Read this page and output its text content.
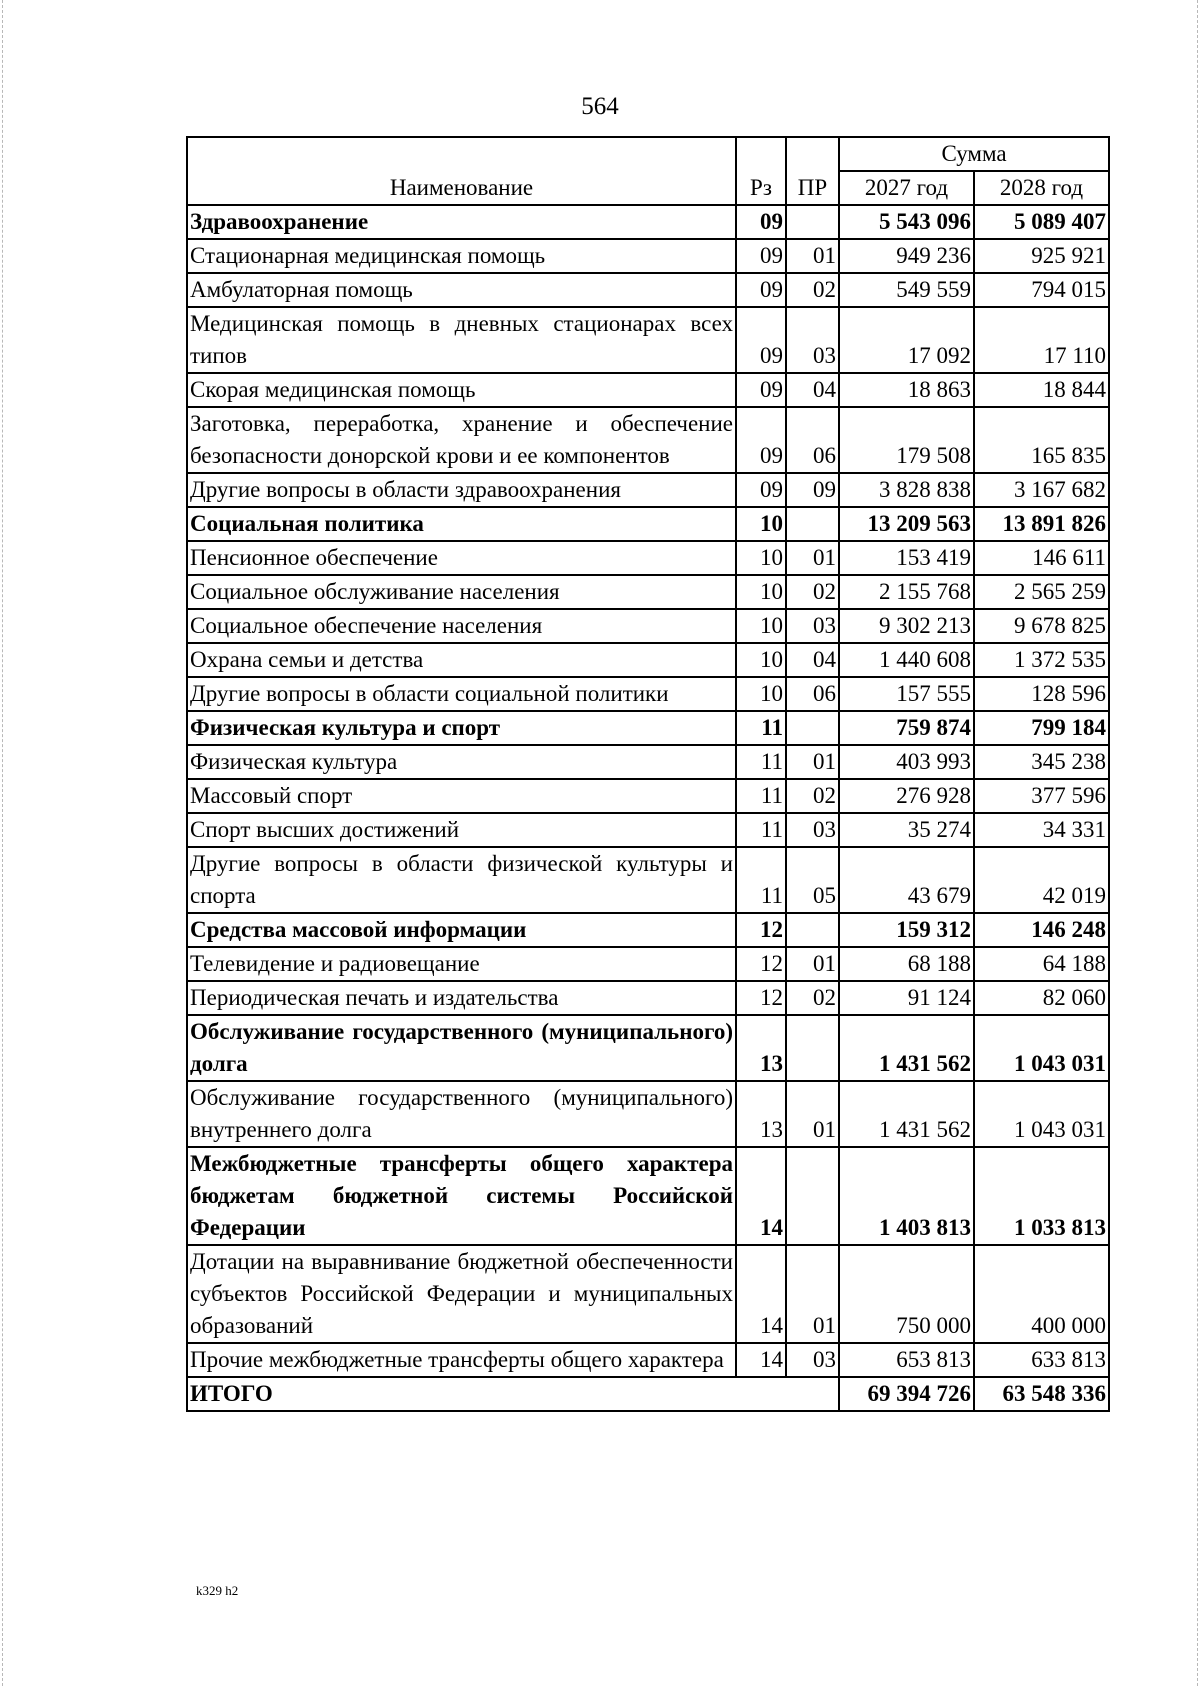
564
Наименование	Рз	ПР	Сумма	
			2027 год	2028 год
Здравоохранение	09		5 543 096	5 089 407
Стационарная медицинская помощь	09	01	949 236	925 921
Амбулаторная помощь	09	02	549 559	794 015
Медицинская помощь в дневных стационарах всех типов	09	03	17 092	17 110
Скорая медицинская помощь	09	04	18 863	18 844
Заготовка, переработка, хранение и обеспечение безопасности донорской крови и ее компонентов	09	06	179 508	165 835
Другие вопросы в области здравоохранения	09	09	3 828 838	3 167 682
Социальная политика	10		13 209 563	13 891 826
Пенсионное обеспечение	10	01	153 419	146 611
Социальное обслуживание населения	10	02	2 155 768	2 565 259
Социальное обеспечение населения	10	03	9 302 213	9 678 825
Охрана семьи и детства	10	04	1 440 608	1 372 535
Другие вопросы в области социальной политики	10	06	157 555	128 596
Физическая культура и спорт	11		759 874	799 184
Физическая культура	11	01	403 993	345 238
Массовый спорт	11	02	276 928	377 596
Спорт высших достижений	11	03	35 274	34 331
Другие вопросы в области физической культуры и спорта	11	05	43 679	42 019
Средства массовой информации	12		159 312	146 248
Телевидение и радиовещание	12	01	68 188	64 188
Периодическая печать и издательства	12	02	91 124	82 060
Обслуживание государственного (муниципального) долга	13		1 431 562	1 043 031
Обслуживание государственного (муниципального) внутреннего долга	13	01	1 431 562	1 043 031
Межбюджетные трансферты общего характера бюджетам бюджетной системы Российской Федерации	14		1 403 813	1 033 813
Дотации на выравнивание бюджетной обеспеченности субъектов Российской Федерации и муниципальных образований	14	01	750 000	400 000
Прочие межбюджетные трансферты общего характера	14	03	653 813	633 813
ИТОГО			69 394 726	63 548 336
k329 h2
